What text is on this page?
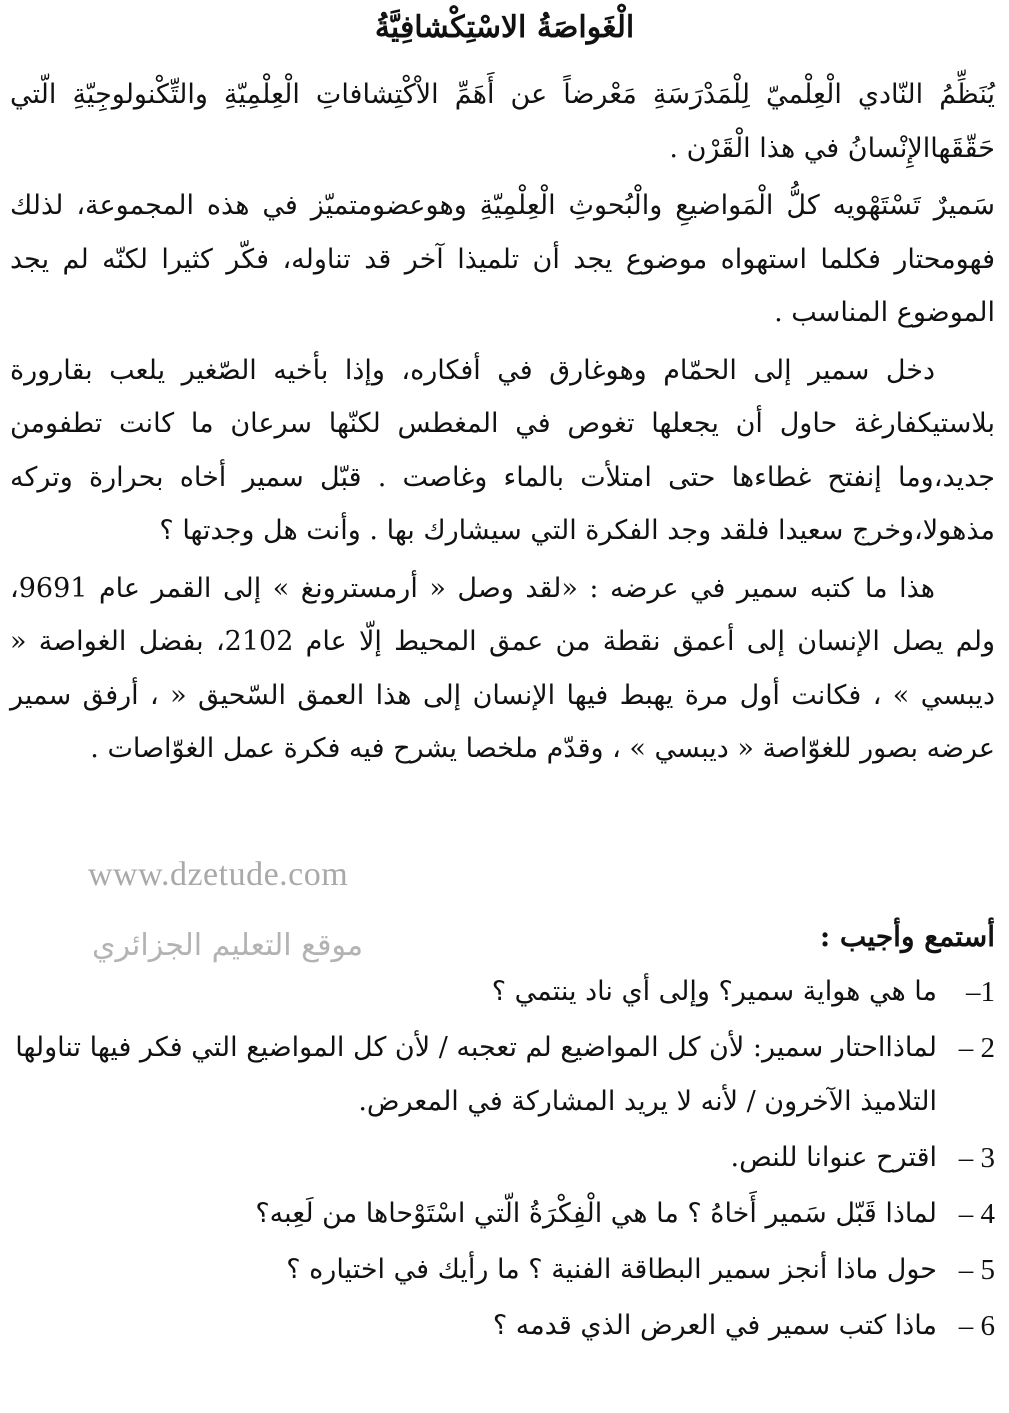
الْغَواصَةُ الاسْتِكْشافِيَّةُ

يُنَظِّمُ النّادي الْعِلْميّ لِلْمَدْرَسَةِ مَعْرضاً عن أَهَمِّ الاْكْتِشافاتِ الْعِلْمِيّةِ والتِّكْنولوجِيّةِ الّتي حَقّقَهاالإِنْسانُ في هذا الْقَرْن .

سَميرٌ تَسْتَهْويه كلُّ الْمَواضيعِ والْبُحوثِ الْعِلْمِيّةِ وهوعضومتميّز في هذه المجموعة، لذلك فهومحتار فكلما استهواه موضوع يجد أن تلميذا آخر قد تناوله، فكّر كثيرا لكنّه لم يجد الموضوع المناسب .

دخل سمير إلى الحمّام وهوغارق في أفكاره، وإذا بأخيه الصّغير يلعب بقارورة بلاستيكفارغة حاول أن يجعلها تغوص في المغطس لكنّها سرعان ما كانت تطفومن جديد،وما إنفتح غطاءها حتى امتلأت بالماء وغاصت . قبّل سمير أخاه بحرارة وتركه مذهولا،وخرج سعيدا فلقد وجد الفكرة التي سيشارك بها . وأنت هل وجدتها ؟

هذا ما كتبه سمير في عرضه : «لقد وصل « أرمسترونغ » إلى القمر عام 9691، ولم يصل الإنسان إلى أعمق نقطة من عمق المحيط إلّا عام 2102، بفضل الغواصة « ديبسي » ، فكانت أول مرة يهبط فيها الإنسان إلى هذا العمق السّحيق « ، أرفق سمير عرضه بصور للغوّاصة « ديبسي » ، وقدّم ملخصا يشرح فيه فكرة عمل الغوّاصات .

www.dzetude.com
موقع التعليم الجزائري	أستمع وأجيب :
1–
ما هي هواية سمير؟ وإلى أي ناد ينتمي ؟
2 –
لماذااحتار سمير: لأن كل المواضيع لم تعجبه / لأن كل المواضيع التي فكر فيها تناولها التلاميذ الآخرون / لأنه لا يريد المشاركة في المعرض.
3 –
اقترح عنوانا للنص.
4 –
لماذا قَبّل سَمير أَخاهُ ؟ ما هي الْفِكْرَةُ الّتي اسْتَوْحاها من لَعِبه؟
5 –
حول ماذا أنجز سمير البطاقة الفنية ؟ ما رأيك في اختياره ؟
6 –
ماذا كتب سمير في العرض الذي قدمه ؟
